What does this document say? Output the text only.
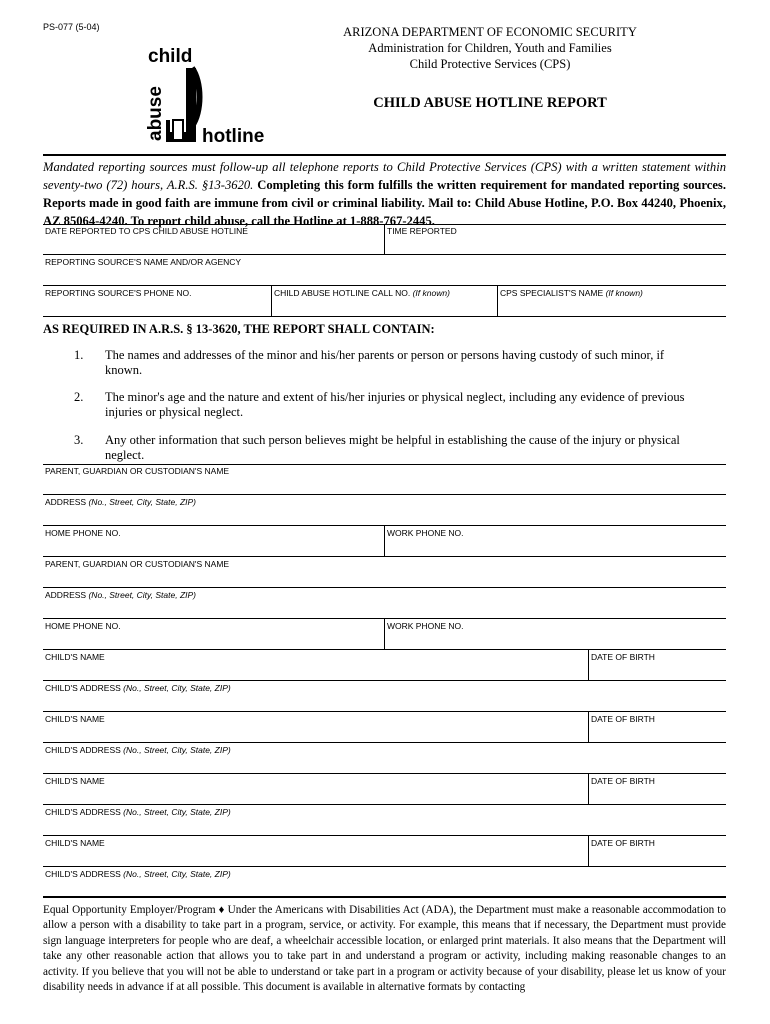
PS-077 (5-04)
child
abuse hotline
ARIZONA DEPARTMENT OF ECONOMIC SECURITY
Administration for Children, Youth and Families
Child Protective Services (CPS)
CHILD ABUSE HOTLINE REPORT
Mandated reporting sources must follow-up all telephone reports to Child Protective Services (CPS) with a written statement within seventy-two (72) hours, A.R.S. §13-3620. Completing this form fulfills the written requirement for mandated reporting sources. Reports made in good faith are immune from civil or criminal liability. Mail to: Child Abuse Hotline, P.O. Box 44240, Phoenix, AZ 85064-4240. To report child abuse, call the Hotline at 1-888-767-2445.
DATE REPORTED TO CPS CHILD ABUSE HOTLINE	TIME REPORTED
REPORTING SOURCE'S NAME AND/OR AGENCY
REPORTING SOURCE'S PHONE NO.	CHILD ABUSE HOTLINE CALL NO. (If known)	CPS SPECIALIST'S NAME (If known)
AS REQUIRED IN A.R.S. § 13-3620, THE REPORT SHALL CONTAIN:
1. The names and addresses of the minor and his/her parents or person or persons having custody of such minor, if known.
2. The minor's age and the nature and extent of his/her injuries or physical neglect, including any evidence of previous injuries or physical neglect.
3. Any other information that such person believes might be helpful in establishing the cause of the injury or physical neglect.
PARENT, GUARDIAN OR CUSTODIAN'S NAME
ADDRESS (No., Street, City, State, ZIP)
HOME PHONE NO.	WORK PHONE NO.
PARENT, GUARDIAN OR CUSTODIAN'S NAME
ADDRESS (No., Street, City, State, ZIP)
HOME PHONE NO.	WORK PHONE NO.
CHILD'S NAME	DATE OF BIRTH
CHILD'S ADDRESS (No., Street, City, State, ZIP)
CHILD'S NAME	DATE OF BIRTH
CHILD'S ADDRESS (No., Street, City, State, ZIP)
CHILD'S NAME	DATE OF BIRTH
CHILD'S ADDRESS (No., Street, City, State, ZIP)
CHILD'S NAME	DATE OF BIRTH
CHILD'S ADDRESS (No., Street, City, State, ZIP)
Equal Opportunity Employer/Program ♦ Under the Americans with Disabilities Act (ADA), the Department must make a reasonable accommodation to allow a person with a disability to take part in a program, service, or activity. For example, this means that if necessary, the Department must provide sign language interpreters for people who are deaf, a wheelchair accessible location, or enlarged print materials. It also means that the Department will take any other reasonable action that allows you to take part in and understand a program or activity, including making reasonable changes to an activity. If you believe that you will not be able to understand or take part in a program or activity because of your disability, please let us know of your disability needs in advance if at all possible. This document is available in alternative formats by contacting
